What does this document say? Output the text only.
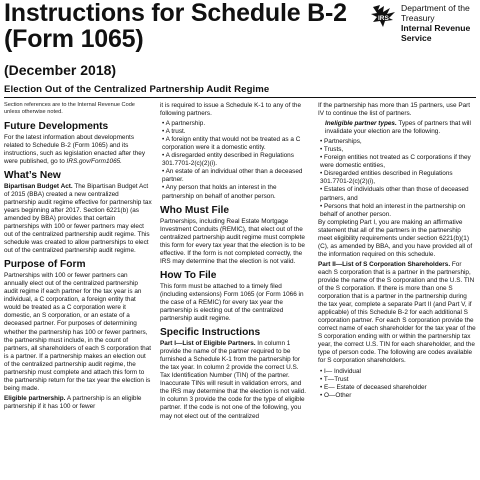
Instructions for Schedule B-2
(Form 1065)
IRS
Department of the Treasury
Internal Revenue Service
(December 2018)
Election Out of the Centralized Partnership Audit Regime

Section references are to the Internal Revenue Code unless otherwise noted.

Future Developments

For the latest information about developments related to Schedule B-2 (Form 1065) and its instructions, such as legislation enacted after they were published, go to IRS.gov/Form1065.

What’s New

Bipartisan Budget Act. The Bipartisan Budget Act of 2015 (BBA) created a new centralized partnership audit regime effective for partnership tax years beginning after 2017. Section 6221(b) (as amended by BBA) provides that certain partnerships with 100 or fewer partners may elect out of the centralized partnership audit regime. This schedule was created to allow partnerships to elect out of the centralized partnership audit regime.

Purpose of Form

Partnerships with 100 or fewer partners can annually elect out of the centralized partnership audit regime if each partner for the tax year is an individual, a C corporation, a foreign entity that would be treated as a C corporation were it domestic, an S corporation, or an estate of a deceased partner. For purposes of determining whether the partnership has 100 or fewer partners, the partnership must include, in the count of partners, all shareholders of each S corporation that is a partner. If a partnership makes an election out of the centralized partnership audit regime, the partnership must complete and attach this form to the partnership return for the tax year the election is being made.

Eligible partnership. A partnership is an eligible partnership if it has 100 or fewer

it is required to issue a Schedule K-1 to any of the following partners.

• A partnership.

• A trust.

• A foreign entity that would not be treated as a C corporation were it a domestic entity.

• A disregarded entity described in Regulations 301.7701-2(c)(2)(i).

• An estate of an individual other than a deceased partner.

• Any person that holds an interest in the partnership on behalf of another person.

Who Must File

Partnerships, including Real Estate Mortgage Investment Conduits (REMIC), that elect out of the centralized partnership audit regime must complete this form for every tax year that the election is to be effective. If the form is not completed correctly, the IRS may determine that the election is not valid.

How To File

This form must be attached to a timely filed (including extensions) Form 1065 (or Form 1066 in the case of a REMIC) for every tax year the partnership is electing out of the centralized partnership audit regime.

Specific Instructions

Part I—List of Eligible Partners. In column 1 provide the name of the partner required to be furnished a Schedule K-1 from the partnership for the tax year. In column 2 provide the correct U.S. Tax Identification Number (TIN) of the partner. Inaccurate TINs will result in validation errors, and the IRS may determine that the election is not valid. In column 3 provide the code for the type of eligible partner. If the code is not one of the following, you may not elect out of the centralized

If the partnership has more than 15 partners, use Part IV to continue the list of partners.

Ineligible partner types. Types of partners that will invalidate your election are the following.

• Partnerships,

• Trusts,

• Foreign entities not treated as C corporations if they were domestic entities,

• Disregarded entities described in Regulations 301.7701-2(c)(2)(i),

• Estates of individuals other than those of deceased partners, and

• Persons that hold an interest in the partnership on behalf of another person.

By completing Part I, you are making an affirmative statement that all of the partners in the partnership meet eligibility requirements under section 6221(b)(1)(C), as amended by BBA, and you have provided all of the information required on this schedule.

Part II—List of S Corporation Shareholders. For each S corporation that is a partner in the partnership, provide the name of the S corporation and the U.S. TIN of the S corporation. If there is more than one S corporation that is a partner in the partnership during the tax year, complete a separate Part II (and Part V, if applicable) of this Schedule B-2 for each additional S corporation partner. For each S corporation provide the correct name of each shareholder for the tax year of the S corporation ending with or within the partnership tax year, the correct U.S. TIN for each shareholder, and the type of person code. The following are codes available for S corporation shareholders.

• I— Individual

• T—Trust

• E— Estate of deceased shareholder

• O—Other
